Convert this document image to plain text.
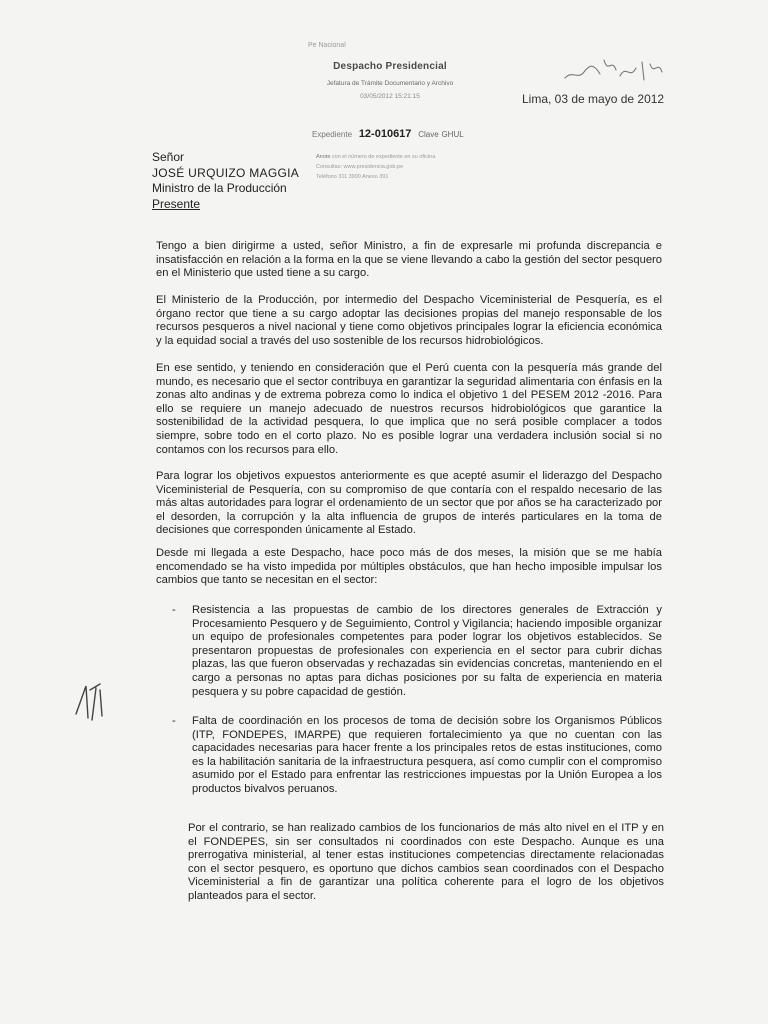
Pe Nacional
Despacho Presidencial
Jefatura de Trámite Documentario y Archivo
03/05/2012 15:21:15
Expediente 12-010617 Clave GHUL
Anote con el número de expediente en su oficina
Consultas: www.presidencia.gob.pe
Teléfono 311 3900 Anexo 391
Lima, 03 de mayo de 2012
Señor
JOSÉ URQUIZO MAGGIA
Ministro de la Producción
Presente
Tengo a bien dirigirme a usted, señor Ministro, a fin de expresarle mi profunda discrepancia e insatisfacción en relación a la forma en la que se viene llevando a cabo la gestión del sector pesquero en el Ministerio que usted tiene a su cargo.
El Ministerio de la Producción, por intermedio del Despacho Viceministerial de Pesquería, es el órgano rector que tiene a su cargo adoptar las decisiones propias del manejo responsable de los recursos pesqueros a nivel nacional y tiene como objetivos principales lograr la eficiencia económica y la equidad social a través del uso sostenible de los recursos hidrobiológicos.
En ese sentido, y teniendo en consideración que el Perú cuenta con la pesquería más grande del mundo, es necesario que el sector contribuya en garantizar la seguridad alimentaria con énfasis en la zonas alto andinas y de extrema pobreza como lo indica el objetivo 1 del PESEM 2012 -2016. Para ello se requiere un manejo adecuado de nuestros recursos hidrobiológicos que garantice la sostenibilidad de la actividad pesquera, lo que implica que no será posible complacer a todos siempre, sobre todo en el corto plazo. No es posible lograr una verdadera inclusión social si no contamos con los recursos para ello.
Para lograr los objetivos expuestos anteriormente es que acepté asumir el liderazgo del Despacho Viceministerial de Pesquería, con su compromiso de que contaría con el respaldo necesario de las más altas autoridades para lograr el ordenamiento de un sector que por años se ha caracterizado por el desorden, la corrupción y la alta influencia de grupos de interés particulares en la toma de decisiones que corresponden únicamente al Estado.
Desde mi llegada a este Despacho, hace poco más de dos meses, la misión que se me había encomendado se ha visto impedida por múltiples obstáculos, que han hecho imposible impulsar los cambios que tanto se necesitan en el sector:
- Resistencia a las propuestas de cambio de los directores generales de Extracción y Procesamiento Pesquero y de Seguimiento, Control y Vigilancia; haciendo imposible organizar un equipo de profesionales competentes para poder lograr los objetivos establecidos. Se presentaron propuestas de profesionales con experiencia en el sector para cubrir dichas plazas, las que fueron observadas y rechazadas sin evidencias concretas, manteniendo en el cargo a personas no aptas para dichas posiciones por su falta de experiencia en materia pesquera y su pobre capacidad de gestión.
- Falta de coordinación en los procesos de toma de decisión sobre los Organismos Públicos (ITP, FONDEPES, IMARPE) que requieren fortalecimiento ya que no cuentan con las capacidades necesarias para hacer frente a los principales retos de estas instituciones, como es la habilitación sanitaria de la infraestructura pesquera, así como cumplir con el compromiso asumido por el Estado para enfrentar las restricciones impuestas por la Unión Europea a los productos bivalvos peruanos.
Por el contrario, se han realizado cambios de los funcionarios de más alto nivel en el ITP y en el FONDEPES, sin ser consultados ni coordinados con este Despacho. Aunque es una prerrogativa ministerial, al tener estas instituciones competencias directamente relacionadas con el sector pesquero, es oportuno que dichos cambios sean coordinados con el Despacho Viceministerial a fin de garantizar una política coherente para el logro de los objetivos planteados para el sector.
